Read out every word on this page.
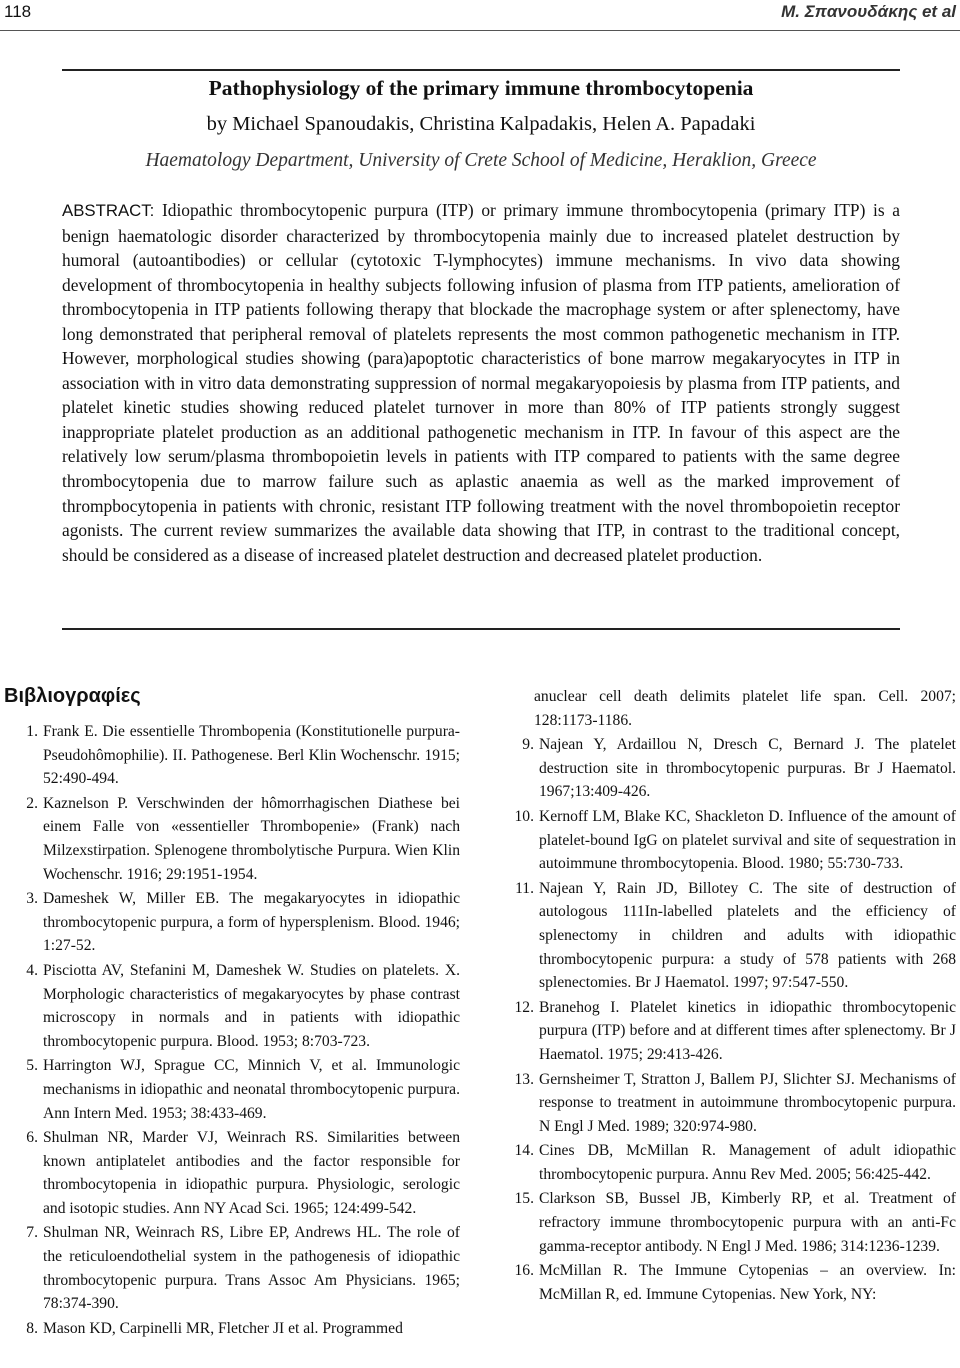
118	M. Σπανουδάκης et al
Pathophysiology of the primary immune thrombocytopenia
by Michael Spanoudakis, Christina Kalpadakis, Helen A. Papadaki
Haematology Department, University of Crete School of Medicine, Heraklion, Greece

ABSTRACT: Idiopathic thrombocytopenic purpura (ITP) or primary immune thrombocytopenia (primary ITP) is a benign haematologic disorder characterized by thrombocytopenia mainly due to increased platelet destruction by humoral (autoantibodies) or cellular (cytotoxic T-lymphocytes) immune mechanisms. In vivo data showing development of thrombocytopenia in healthy subjects following infusion of plasma from ITP patients, amelioration of thrombocytopenia in ITP patients following therapy that blockade the macrophage system or after splenectomy, have long demonstrated that peripheral removal of platelets represents the most common pathogenetic mechanism in ITP. However, morphological studies showing (para)apoptotic characteristics of bone marrow megakaryocytes in ITP in association with in vitro data demonstrating suppression of normal megakaryopoiesis by plasma from ITP patients, and platelet kinetic studies showing reduced platelet turnover in more than 80% of ITP patients strongly suggest inappropriate platelet production as an additional pathogenetic mechanism in ITP. In favour of this aspect are the relatively low serum/plasma thrombopoietin levels in patients with ITP compared to patients with the same degree thrombocytopenia due to marrow failure such as aplastic anaemia as well as the marked improvement of thrompbocytopenia in patients with chronic, resistant ITP following treatment with the novel thrombopoietin receptor agonists. The current review summarizes the available data showing that ITP, in contrast to the traditional concept, should be considered as a disease of increased platelet destruction and decreased platelet production.

Βιβλιογραφίες
1. Frank E. Die essentielle Thrombopenia (Konstitutionelle purpura-Pseudohômophilie). II. Pathogenese. Berl Klin Wochenschr. 1915; 52:490-494.
2. Kaznelson P. Verschwinden der hômorrhagischen Diathese bei einem Falle von «essentieller Thrombopenie» (Frank) nach Milzexstirpation. Splenogene thrombolytische Purpura. Wien Klin Wochenschr. 1916; 29:1951-1954.
3. Dameshek W, Miller EB. The megakaryocytes in idiopathic thrombocytopenic purpura, a form of hypersplenism. Blood. 1946; 1:27-52.
4. Pisciotta AV, Stefanini M, Dameshek W. Studies on platelets. X. Morphologic characteristics of megakaryocytes by phase contrast microscopy in normals and in patients with idiopathic thrombocytopenic purpura. Blood. 1953; 8:703-723.
5. Harrington WJ, Sprague CC, Minnich V, et al. Immunologic mechanisms in idiopathic and neonatal thrombocytopenic purpura. Ann Intern Med. 1953; 38:433-469.
6. Shulman NR, Marder VJ, Weinrach RS. Similarities between known antiplatelet antibodies and the factor responsible for thrombocytopenia in idiopathic purpura. Physiologic, serologic and isotopic studies. Ann NY Acad Sci. 1965; 124:499-542.
7. Shulman NR, Weinrach RS, Libre EP, Andrews HL. The role of the reticuloendothelial system in the pathogenesis of idiopathic thrombocytopenic purpura. Trans Assoc Am Physicians. 1965; 78:374-390.
8. Mason KD, Carpinelli MR, Fletcher JI et al. Programmed
anuclear cell death delimits platelet life span. Cell. 2007; 128:1173-1186.
9. Najean Y, Ardaillou N, Dresch C, Bernard J. The platelet destruction site in thrombocytopenic purpuras. Br J Haematol. 1967;13:409-426.
10. Kernoff LM, Blake KC, Shackleton D. Influence of the amount of platelet-bound IgG on platelet survival and site of sequestration in autoimmune thrombocytopenia. Blood. 1980; 55:730-733.
11. Najean Y, Rain JD, Billotey C. The site of destruction of autologous 111In-labelled platelets and the efficiency of splenectomy in children and adults with idiopathic thrombocytopenic purpura: a study of 578 patients with 268 splenectomies. Br J Haematol. 1997; 97:547-550.
12. Branehog I. Platelet kinetics in idiopathic thrombocytopenic purpura (ITP) before and at different times after splenectomy. Br J Haematol. 1975; 29:413-426.
13. Gernsheimer T, Stratton J, Ballem PJ, Slichter SJ. Mechanisms of response to treatment in autoimmune thrombocytopenic purpura. N Engl J Med. 1989; 320:974-980.
14. Cines DB, McMillan R. Management of adult idiopathic thrombocytopenic purpura. Annu Rev Med. 2005; 56:425-442.
15. Clarkson SB, Bussel JB, Kimberly RP, et al. Treatment of refractory immune thrombocytopenic purpura with an anti-Fc gamma-receptor antibody. N Engl J Med. 1986; 314:1236-1239.
16. McMillan R. The Immune Cytopenias – an overview. In: McMillan R, ed. Immune Cytopenias. New York, NY:
